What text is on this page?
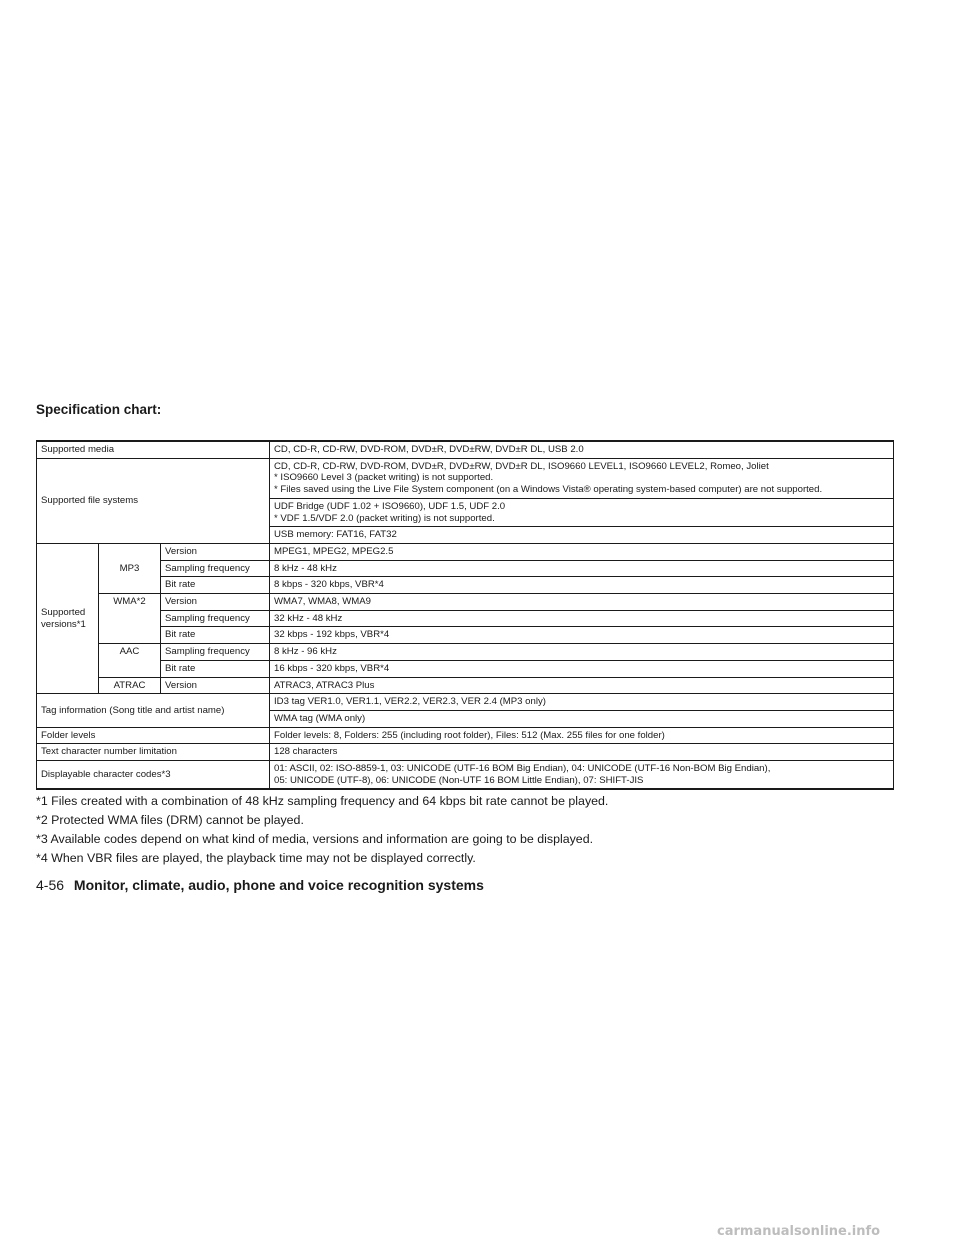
Specification chart:
Supported media			CD, CD-R, CD-RW, DVD-ROM, DVD±R, DVD±RW, DVD±R DL, USB 2.0
Supported file systems			CD, CD-R, CD-RW, DVD-ROM, DVD±R, DVD±RW, DVD±R DL, ISO9660 LEVEL1, ISO9660 LEVEL2, Romeo, Joliet
* ISO9660 Level 3 (packet writing) is not supported.
* Files saved using the Live File System component (on a Windows Vista® operating system-based computer) are not supported.

			UDF Bridge (UDF 1.02 + ISO9660), UDF 1.5, UDF 2.0
* VDF 1.5/VDF 2.0 (packet writing) is not supported.

			USB memory: FAT16, FAT32
Supported versions*1	MP3	Version	MPEG1, MPEG2, MPEG2.5
		Sampling frequency	8 kHz - 48 kHz
		Bit rate	8 kbps - 320 kbps, VBR*4
	WMA*2	Version	WMA7, WMA8, WMA9
		Sampling frequency	32 kHz - 48 kHz
		Bit rate	32 kbps - 192 kbps, VBR*4
	AAC	Sampling frequency	8 kHz - 96 kHz
		Bit rate	16 kbps - 320 kbps, VBR*4
	ATRAC	Version	ATRAC3, ATRAC3 Plus
Tag information (Song title and artist name)			ID3 tag VER1.0, VER1.1, VER2.2, VER2.3, VER 2.4 (MP3 only)
			WMA tag (WMA only)
Folder levels			Folder levels: 8, Folders: 255 (including root folder), Files: 512 (Max. 255 files for one folder)
Text character number limitation			128 characters
Displayable character codes*3			01: ASCII, 02: ISO-8859-1, 03: UNICODE (UTF-16 BOM Big Endian), 04: UNICODE (UTF-16 Non-BOM Big Endian),
05: UNICODE (UTF-8), 06: UNICODE (Non-UTF 16 BOM Little Endian), 07: SHIFT-JIS
*1 Files created with a combination of 48 kHz sampling frequency and 64 kbps bit rate cannot be played.
*2 Protected WMA files (DRM) cannot be played.
*3 Available codes depend on what kind of media, versions and information are going to be displayed.
*4 When VBR files are played, the playback time may not be displayed correctly.
4-56 Monitor, climate, audio, phone and voice recognition systems
carmanualsonline.info
